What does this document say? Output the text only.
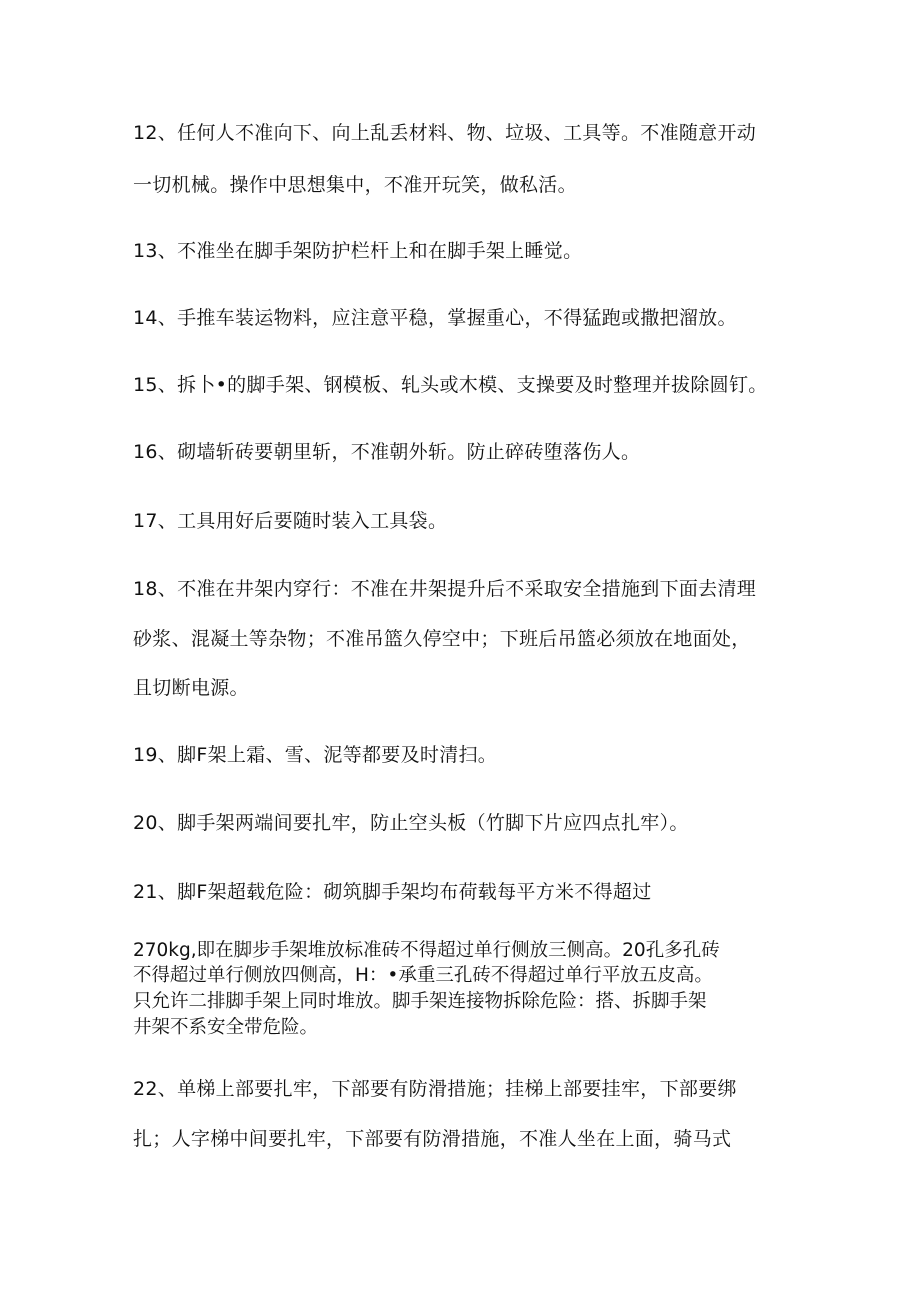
12、任何人不准向下、向上乱丢材料、物、垃圾、工具等。不准随意开动
一切机械。操作中思想集中，不准开玩笑，做私活。
13、不准坐在脚手架防护栏杆上和在脚手架上睡觉。
14、手推车装运物料，应注意平稳，掌握重心，不得猛跑或撒把溜放。
15、拆卜•的脚手架、钢模板、轧头或木模、支操要及时整理并拔除圆钉。
16、砌墙斩砖要朝里斩，不准朝外斩。防止碎砖堕落伤人。
17、工具用好后要随时装入工具袋。
18、不准在井架内穿行：不准在井架提升后不采取安全措施到下面去清理
砂浆、混凝土等杂物；不准吊篮久停空中；下班后吊篮必须放在地面处，
且切断电源。
19、脚F架上霜、雪、泥等都要及时清扫。
20、脚手架两端间要扎牢，防止空头板（竹脚下片应四点扎牢）。
21、脚F架超载危险：砌筑脚手架均布荷载每平方米不得超过
270kg,即在脚步手架堆放标准砖不得超过单行侧放三侧高。20孔多孔砖
不得超过单行侧放四侧高，H：•承重三孔砖不得超过单行平放五皮高。
只允许二排脚手架上同时堆放。脚手架连接物拆除危险：搭、拆脚手架
井架不系安全带危险。
22、单梯上部要扎牢，下部要有防滑措施；挂梯上部要挂牢，下部要绑
扎；人字梯中间要扎牢，下部要有防滑措施，不准人坐在上面，骑马式
